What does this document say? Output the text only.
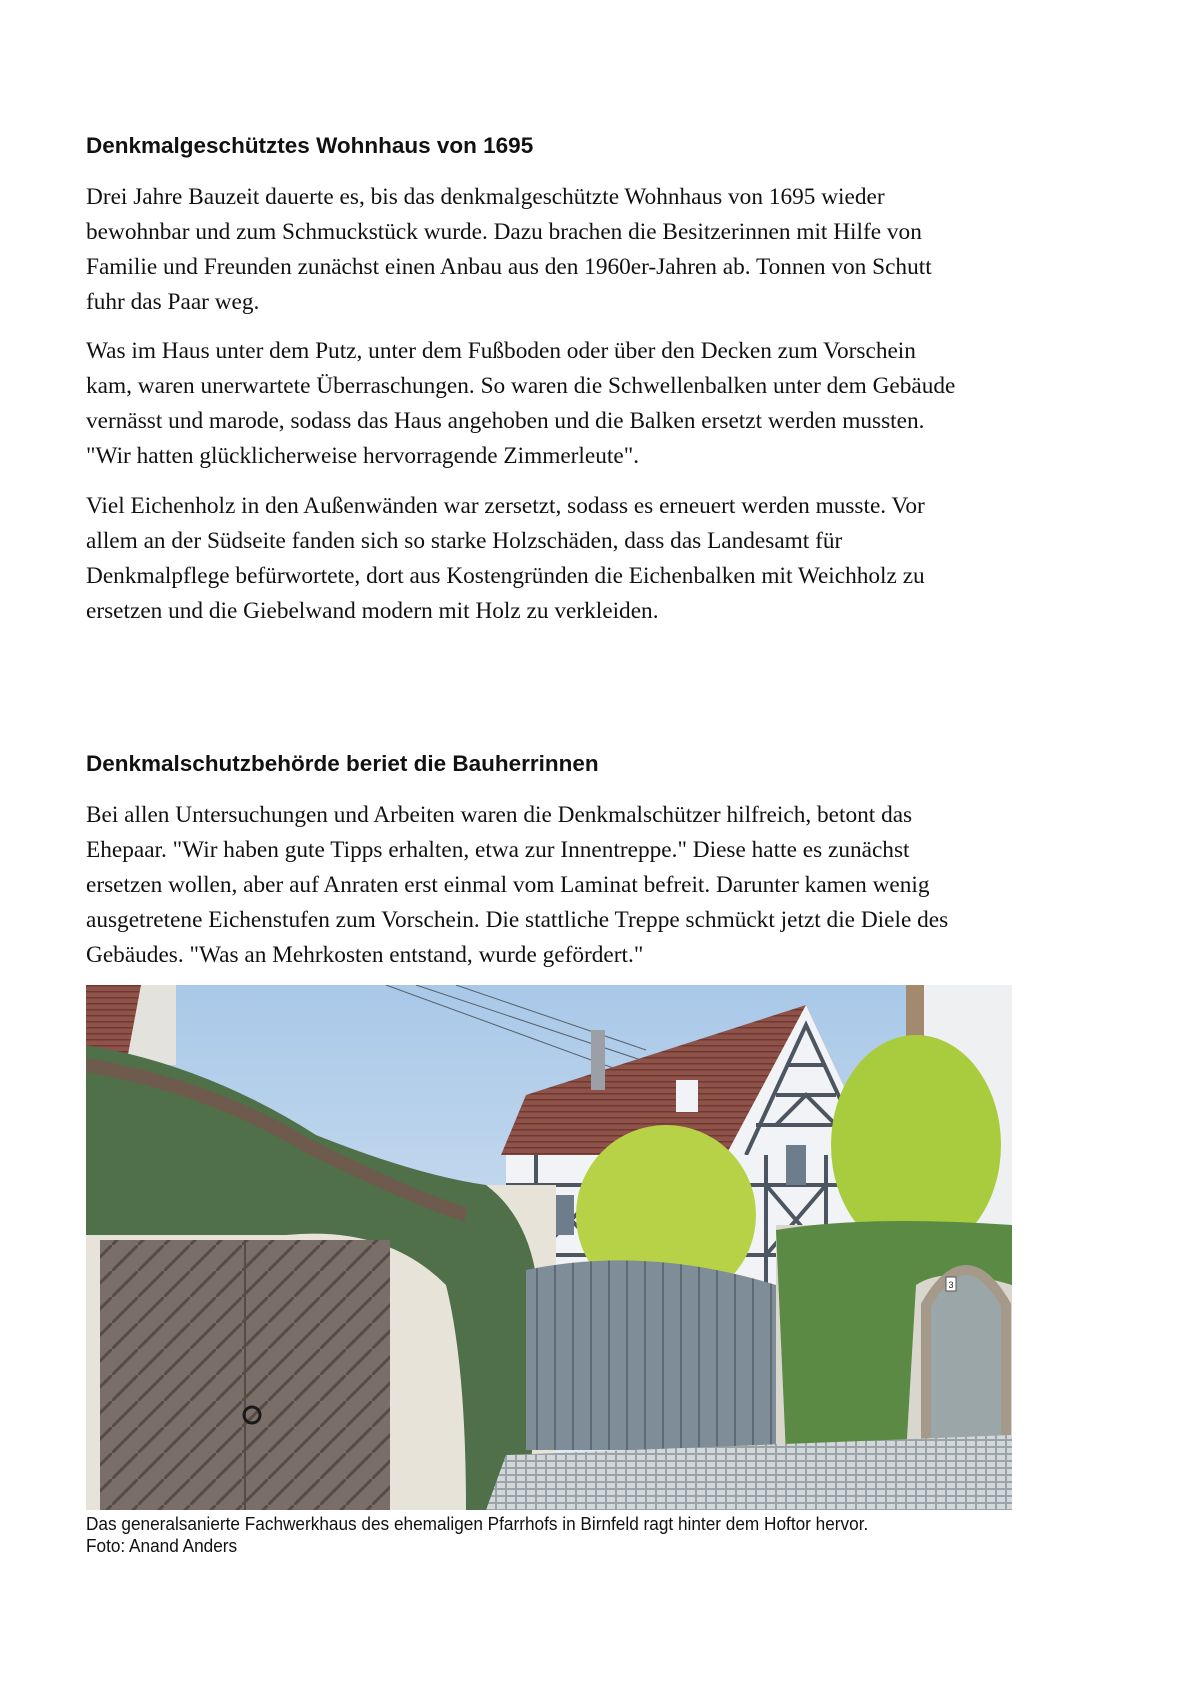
Denkmalgeschütztes Wohnhaus von 1695

Drei Jahre Bauzeit dauerte es, bis das denkmalgeschützte Wohnhaus von 1695 wieder
bewohnbar und zum Schmuckstück wurde. Dazu brachen die Besitzerinnen mit Hilfe von
Familie und Freunden zunächst einen Anbau aus den 1960er-Jahren ab. Tonnen von Schutt
fuhr das Paar weg.

Was im Haus unter dem Putz, unter dem Fußboden oder über den Decken zum Vorschein
kam, waren unerwartete Überraschungen. So waren die Schwellenbalken unter dem Gebäude
vernässt und marode, sodass das Haus angehoben und die Balken ersetzt werden mussten.
"Wir hatten glücklicherweise hervorragende Zimmerleute".

Viel Eichenholz in den Außenwänden war zersetzt, sodass es erneuert werden musste. Vor
allem an der Südseite fanden sich so starke Holzschäden, dass das Landesamt für
Denkmalpflege befürwortete, dort aus Kostengründen die Eichenbalken mit Weichholz zu
ersetzen und die Giebelwand modern mit Holz zu verkleiden.

Denkmalschutzbehörde beriet die Bauherrinnen

Bei allen Untersuchungen und Arbeiten waren die Denkmalschützer hilfreich, betont das
Ehepaar. "Wir haben gute Tipps erhalten, etwa zur Innentreppe." Diese hatte es zunächst
ersetzen wollen, aber auf Anraten erst einmal vom Laminat befreit. Darunter kamen wenig
ausgetretene Eichenstufen zum Vorschein. Die stattliche Treppe schmückt jetzt die Diele des
Gebäudes. "Was an Mehrkosten entstand, wurde gefördert."

3
Das generalsanierte Fachwerkhaus des ehemaligen Pfarrhofs in Birnfeld ragt hinter dem Hoftor hervor.
Foto: Anand Anders
